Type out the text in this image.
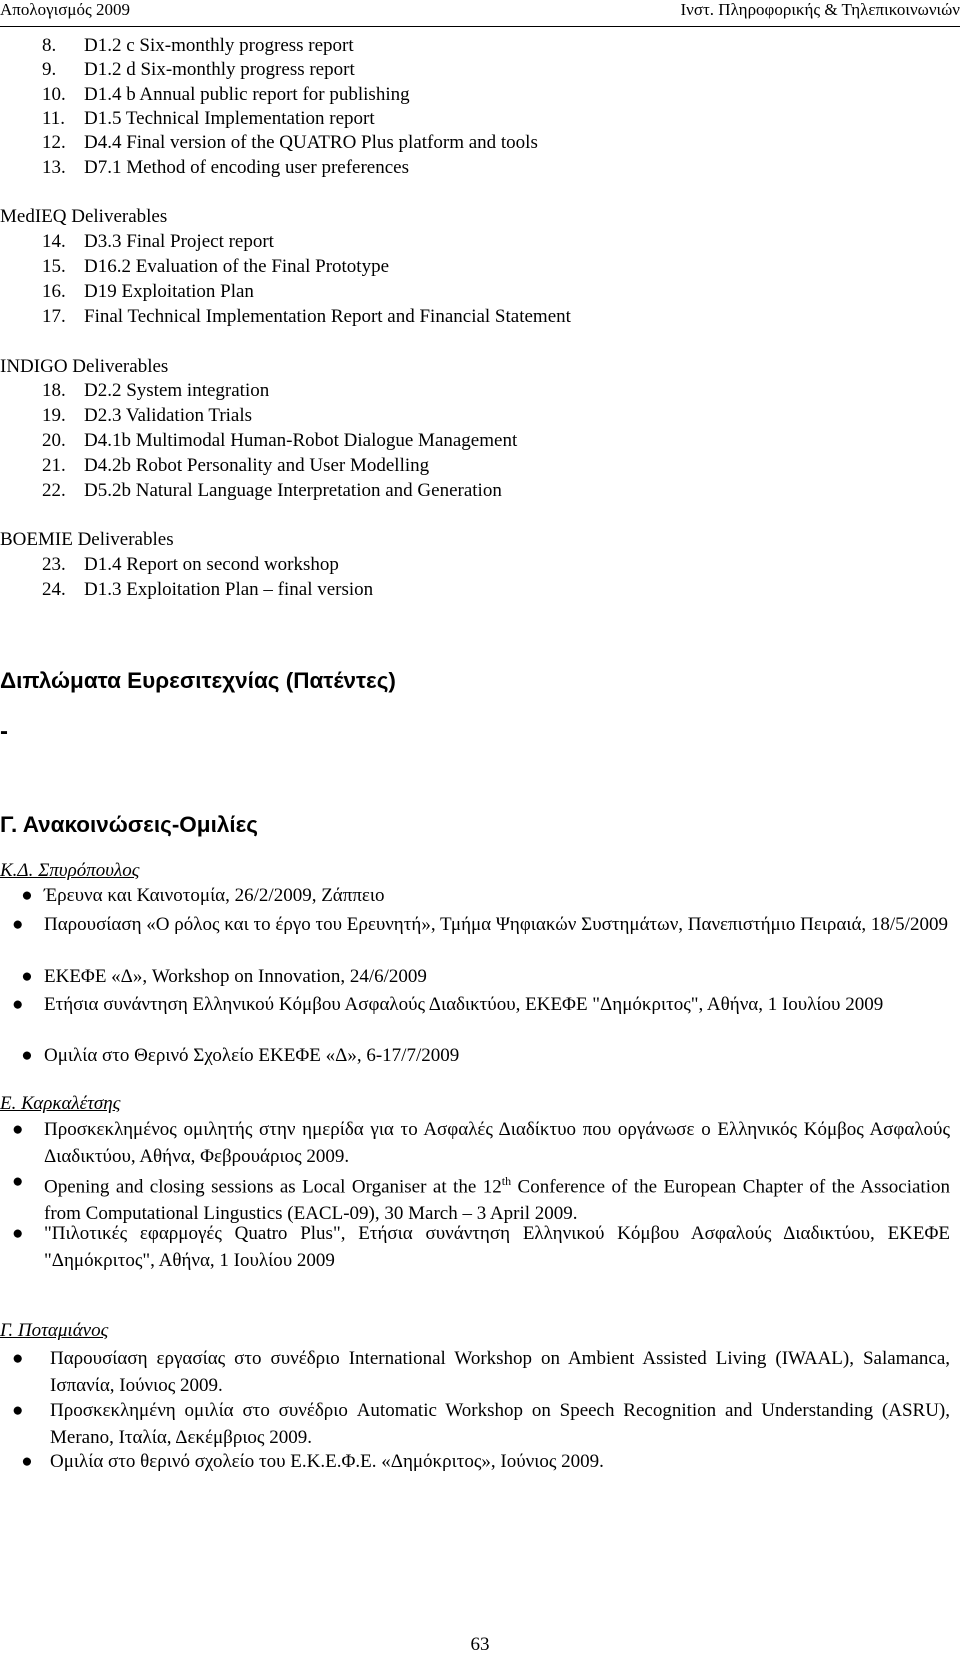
Απολογισμός 2009	Ινστ. Πληροφορικής & Τηλεπικοινωνιών
8. D1.2 c Six-monthly progress report
9. D1.2 d Six-monthly progress report
10. D1.4 b Annual public report for publishing
11. D1.5 Technical Implementation report
12. D4.4 Final version of the QUATRO Plus platform and tools
13. D7.1 Method of encoding user preferences
MedIEQ Deliverables
14. D3.3 Final Project report
15. D16.2 Evaluation of the Final Prototype
16. D19 Exploitation Plan
17. Final Technical Implementation Report and Financial Statement
INDIGO Deliverables
18. D2.2 System integration
19. D2.3 Validation Trials
20. D4.1b Multimodal Human-Robot Dialogue Management
21. D4.2b Robot Personality and User Modelling
22. D5.2b Natural Language Interpretation and Generation
BOEMIE Deliverables
23. D1.4 Report on second workshop
24. D1.3 Exploitation Plan – final version
Διπλώματα Ευρεσιτεχνίας (Πατέντες)
-
Γ. Ανακοινώσεις-Ομιλίες
Κ.Δ. Σπυρόπουλος
● Έρευνα και Καινοτομία, 26/2/2009, Ζάππειο
●	Παρουσίαση «Ο ρόλος και το έργο του Ερευνητή», Τμήμα Ψηφιακών Συστημάτων, Πανεπιστήμιο Πειραιά, 18/5/2009
● ΕΚΕΦΕ «Δ», Workshop on Innovation, 24/6/2009
●	Ετήσια συνάντηση Ελληνικού Κόμβου Ασφαλούς Διαδικτύου, ΕΚΕΦΕ "Δημόκριτος", Αθήνα, 1 Ιουλίου 2009
● Ομιλία στο Θερινό Σχολείο ΕΚΕΦΕ «Δ», 6-17/7/2009
Ε. Καρκαλέτσης
●	Προσκεκλημένος ομιλητής στην ημερίδα για το Ασφαλές Διαδίκτυο που οργάνωσε ο Ελληνικός Κόμβος Ασφαλούς Διαδικτύου, Αθήνα, Φεβρουάριος 2009.
●	Opening and closing sessions as Local Organiser at the 12th Conference of the European Chapter of the Association from Computational Lingustics (EACL-09), 30 March – 3 April 2009.
●	"Πιλοτικές εφαρμογές Quatro Plus", Ετήσια συνάντηση Ελληνικού Κόμβου Ασφαλούς Διαδικτύου, ΕΚΕΦΕ "Δημόκριτος", Αθήνα, 1 Ιουλίου 2009
Γ. Ποταμιάνος
●	Παρουσίαση εργασίας στο συνέδριο International Workshop on Ambient Assisted Living (IWAAL), Salamanca, Ισπανία, Ιούνιος 2009.
●	Προσκεκλημένη ομιλία στο συνέδριο Automatic Workshop on Speech Recognition and Understanding (ASRU), Merano, Ιταλία, Δεκέμβριος 2009.
● Ομιλία στο θερινό σχολείο του Ε.Κ.Ε.Φ.Ε. «Δημόκριτος», Ιούνιος 2009.
63
